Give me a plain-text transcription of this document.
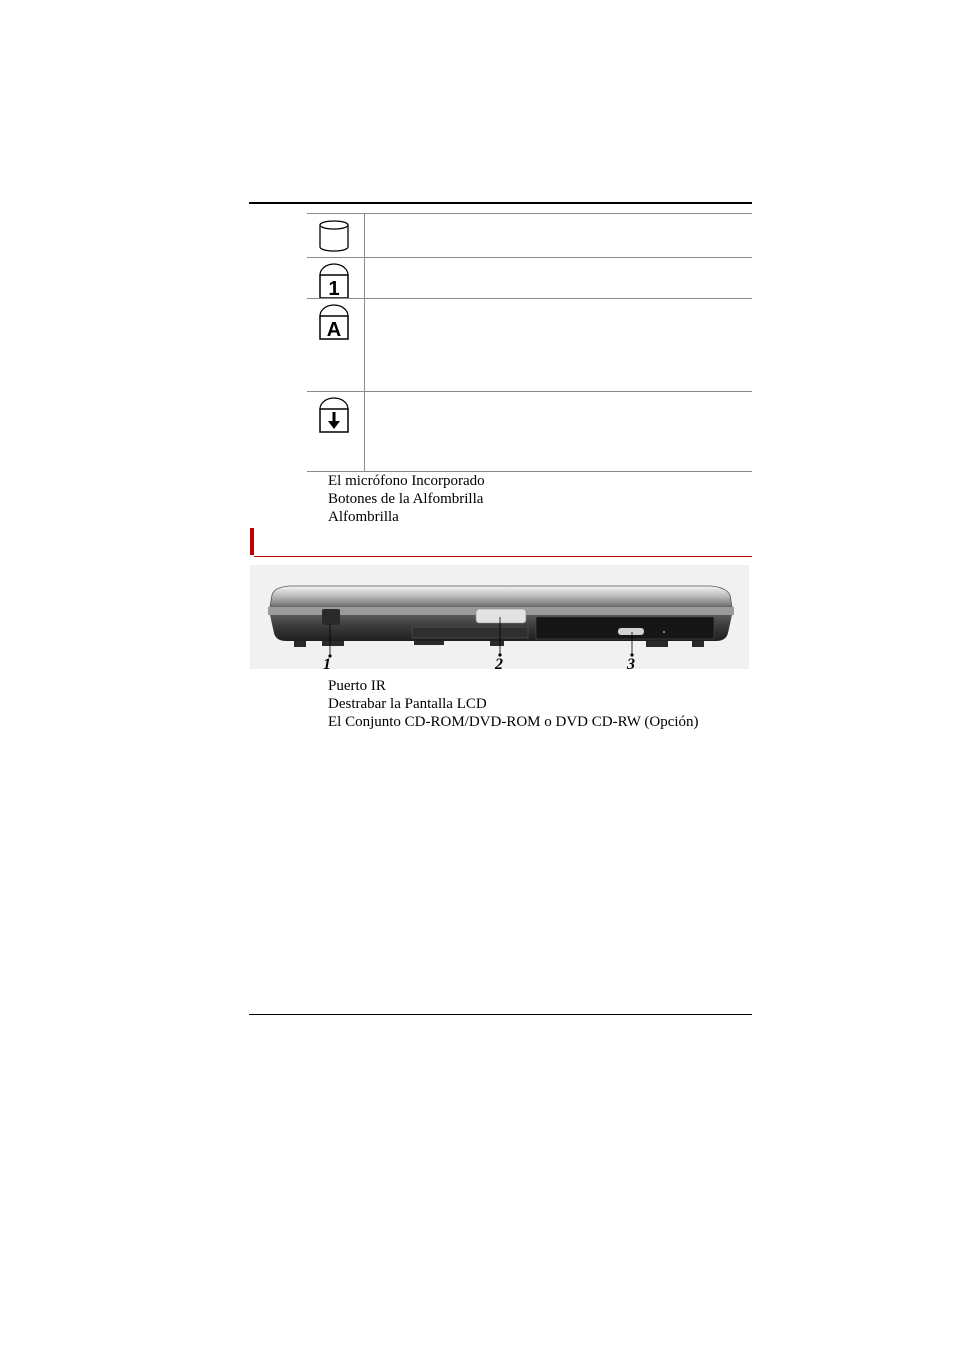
1
A
El micrófono Incorporado
Botones de la Alfombrilla
Alfombrilla
1	2	3
Puerto IR
Destrabar la Pantalla LCD
El Conjunto CD-ROM/DVD-ROM o DVD CD-RW (Opción)
